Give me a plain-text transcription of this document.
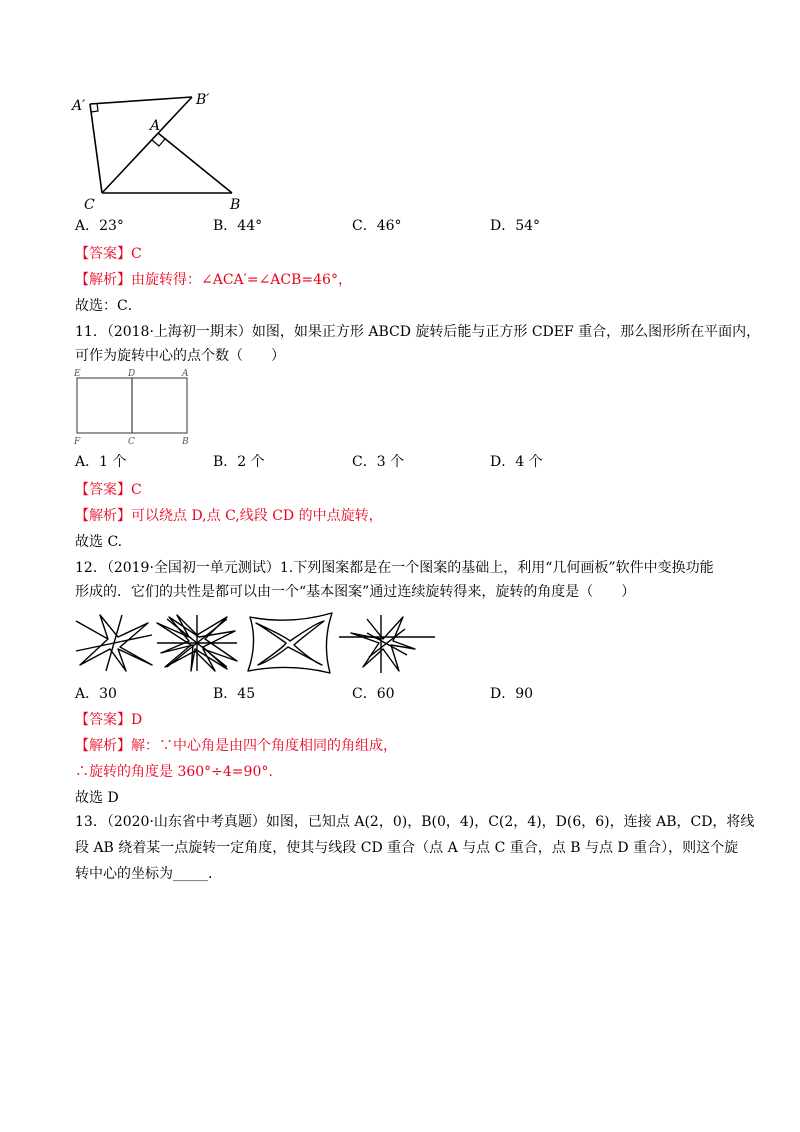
A′	B′
A
C	B
A．23°	B．44°	C．46°	D．54°
【答案】C
【解析】由旋转得：∠ACA′=∠ACB=46°，
故选：C．
11．（2018·上海初一期末）如图，如果正方形 ABCD 旋转后能与正方形 CDEF 重合，那么图形所在平面内，
可作为旋转中心的点个数（　　）
E	D	A
F	C	B
A．1 个	B．2 个	C．3 个	D．4 个
【答案】C
【解析】可以绕点 D,点 C,线段 CD 的中点旋转，
故选 C.
12．（2019·全国初一单元测试）1.下列图案都是在一个图案的基础上，利用“几何画板”软件中变换功能
形成的．它们的共性是都可以由一个“基本图案”通过连续旋转得来，旋转的角度是（　　）
A．30	B．45	C．60	D．90
【答案】D
【解析】解：∵中心角是由四个角度相同的角组成，
∴旋转的角度是 360°÷4=90°.
故选 D
13．（2020·山东省中考真题）如图，已知点 A(2，0)，B(0，4)，C(2，4)，D(6，6)，连接 AB，CD，将线
段 AB 绕着某一点旋转一定角度，使其与线段 CD 重合（点 A 与点 C 重合，点 B 与点 D 重合），则这个旋
转中心的坐标为_____.
